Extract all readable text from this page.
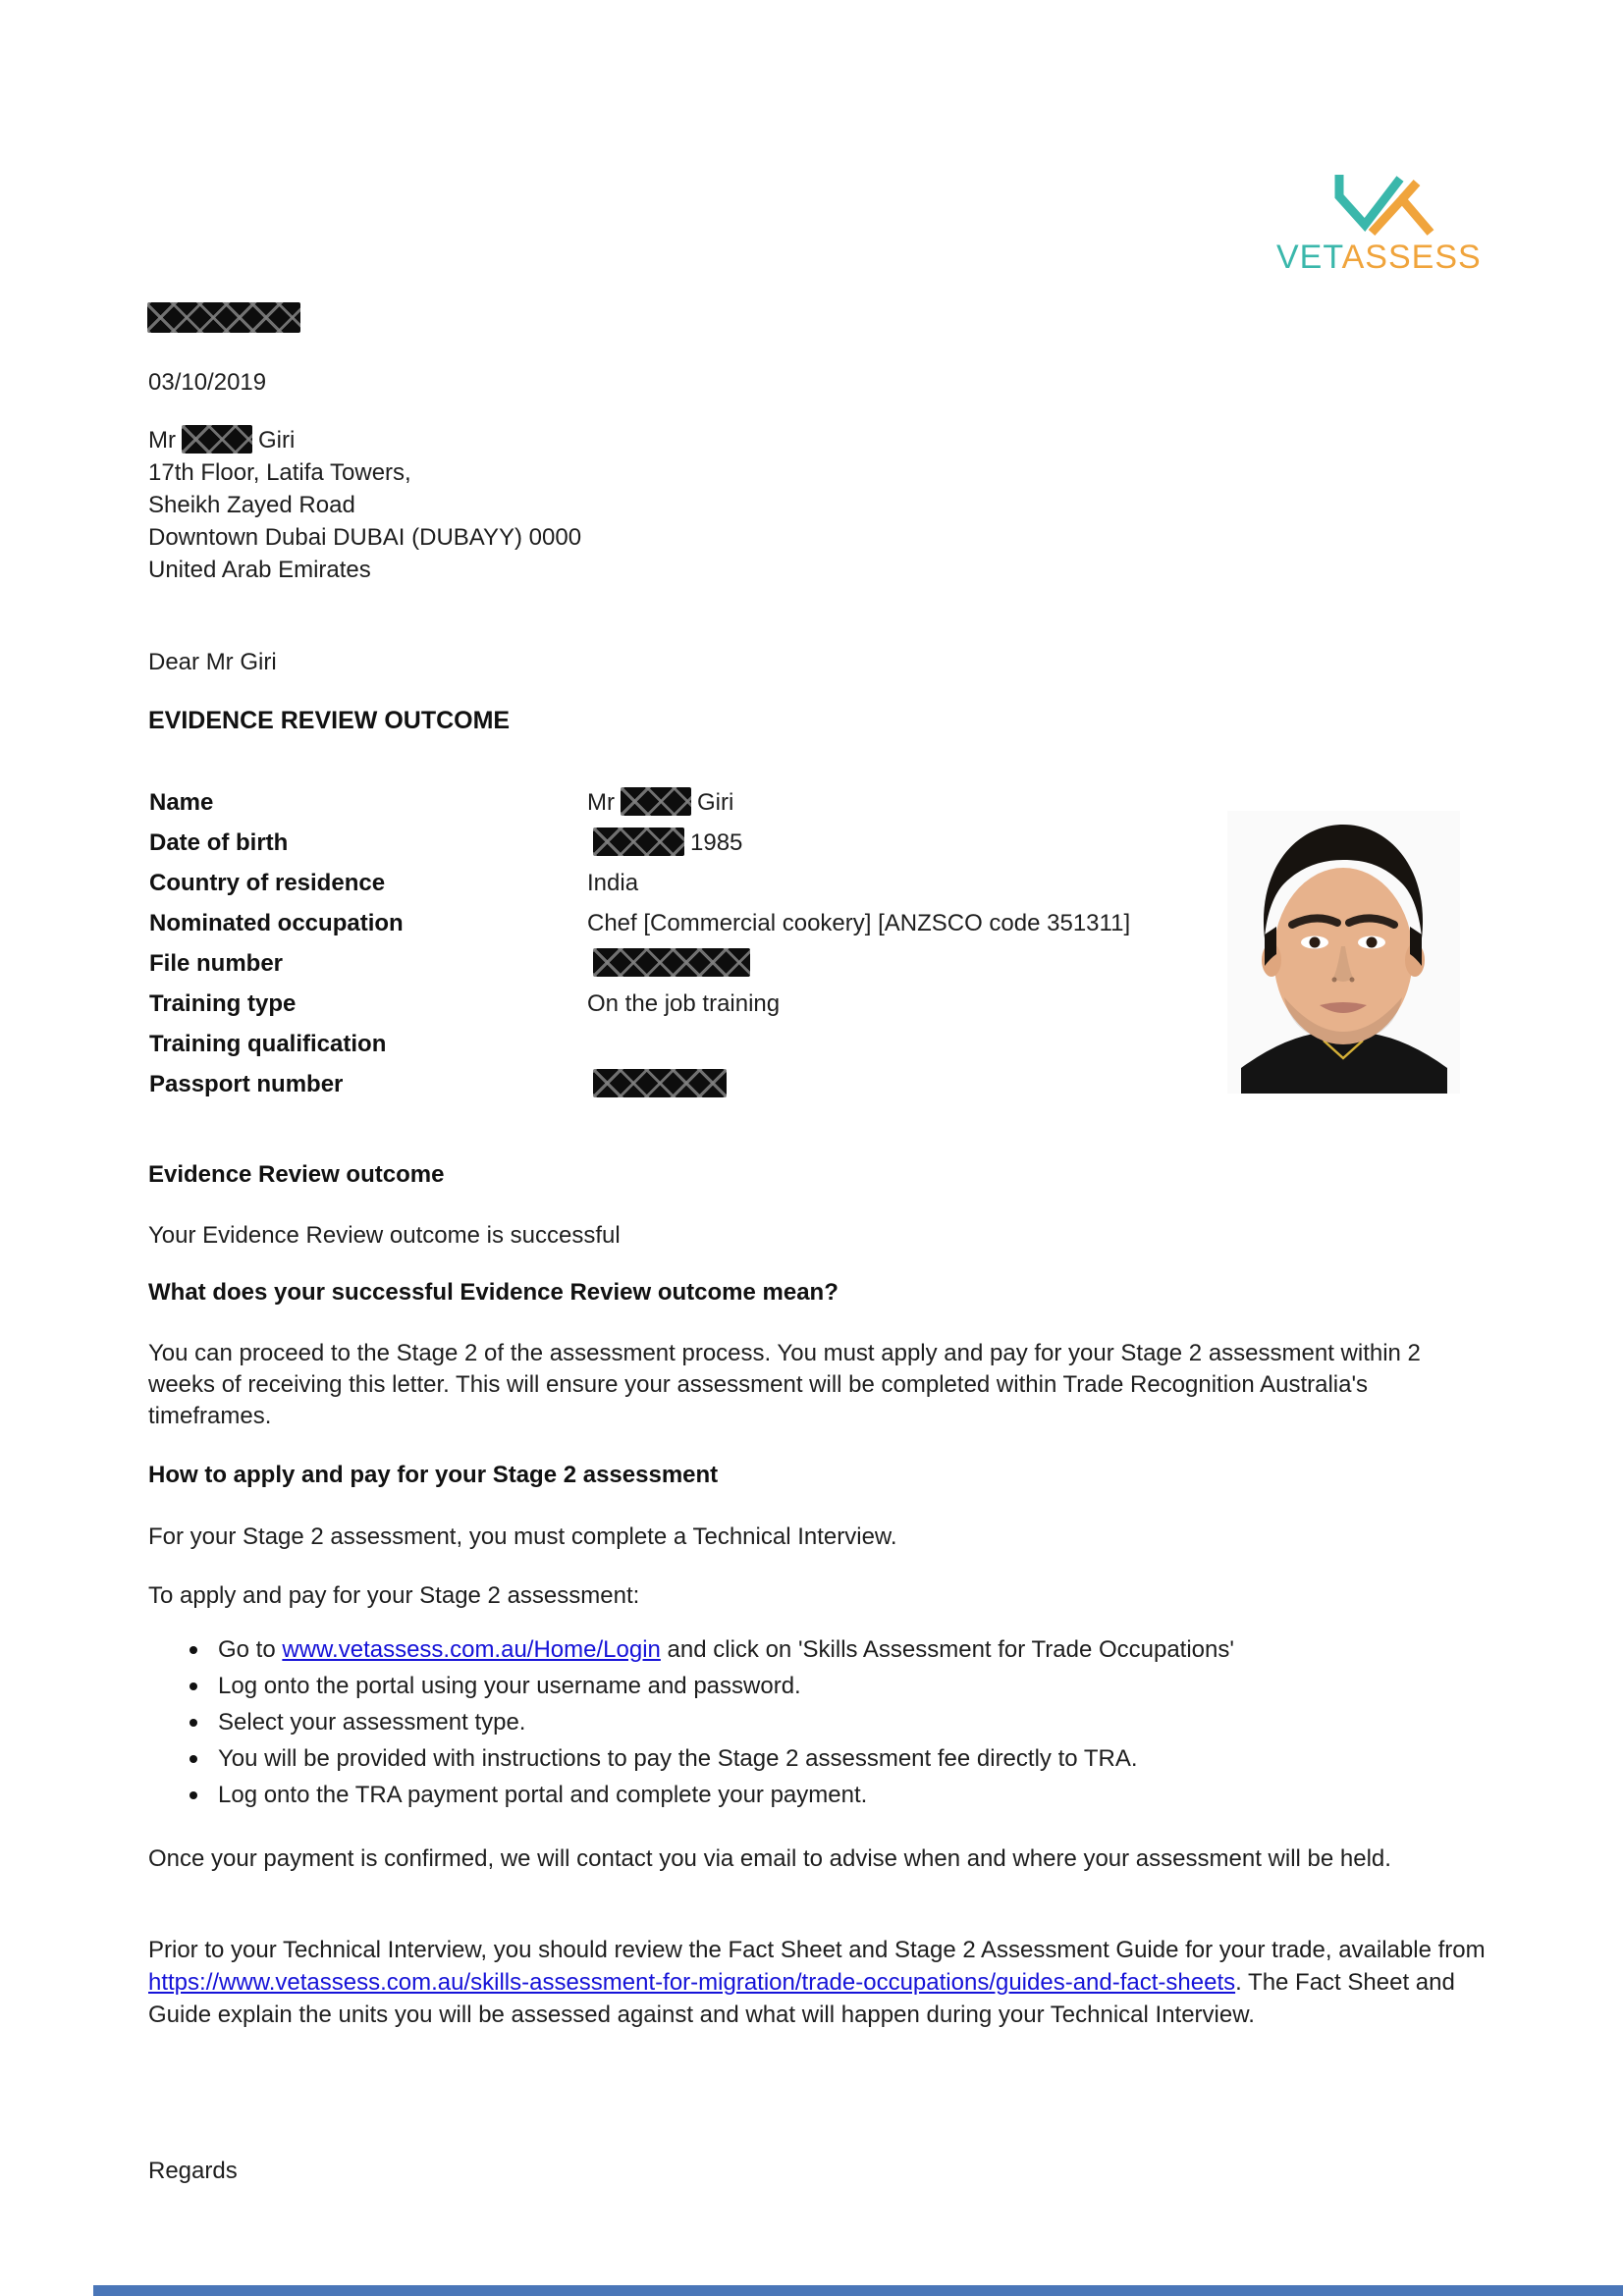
VETASSESS
03/10/2019
Mr	Giri
17th Floor, Latifa Towers,
Sheikh Zayed Road
Downtown Dubai DUBAI (DUBAYY) 0000
United Arab Emirates
Dear Mr Giri
EVIDENCE REVIEW OUTCOME
Name	Mr	Giri
Date of birth	1985
Country of residence	India
Nominated occupation	Chef [Commercial cookery] [ANZSCO code 351311]
File number
Training type	On the job training
Training qualification
Passport number
Evidence Review outcome

Your Evidence Review outcome is successful

What does your successful Evidence Review outcome mean?

You can proceed to the Stage 2 of the assessment process. You must apply and pay for your Stage 2 assessment within 2 weeks of receiving this letter. This will ensure your assessment will be completed within Trade Recognition Australia's timeframes.

How to apply and pay for your Stage 2 assessment

For your Stage 2 assessment, you must complete a Technical Interview.

To apply and pay for your Stage 2 assessment:

Go to www.vetassess.com.au/Home/Login and click on 'Skills Assessment for Trade Occupations'
Log onto the portal using your username and password.
Select your assessment type.
You will be provided with instructions to pay the Stage 2 assessment fee directly to TRA.
Log onto the TRA payment portal and complete your payment.

Once your payment is confirmed, we will contact you via email to advise when and where your assessment will be held.

Prior to your Technical Interview, you should review the Fact Sheet and Stage 2 Assessment Guide for your trade, available from https://www.vetassess.com.au/skills-assessment-for-migration/trade-occupations/guides-and-fact-sheets. The Fact Sheet and Guide explain the units you will be assessed against and what will happen during your Technical Interview.

Regards
